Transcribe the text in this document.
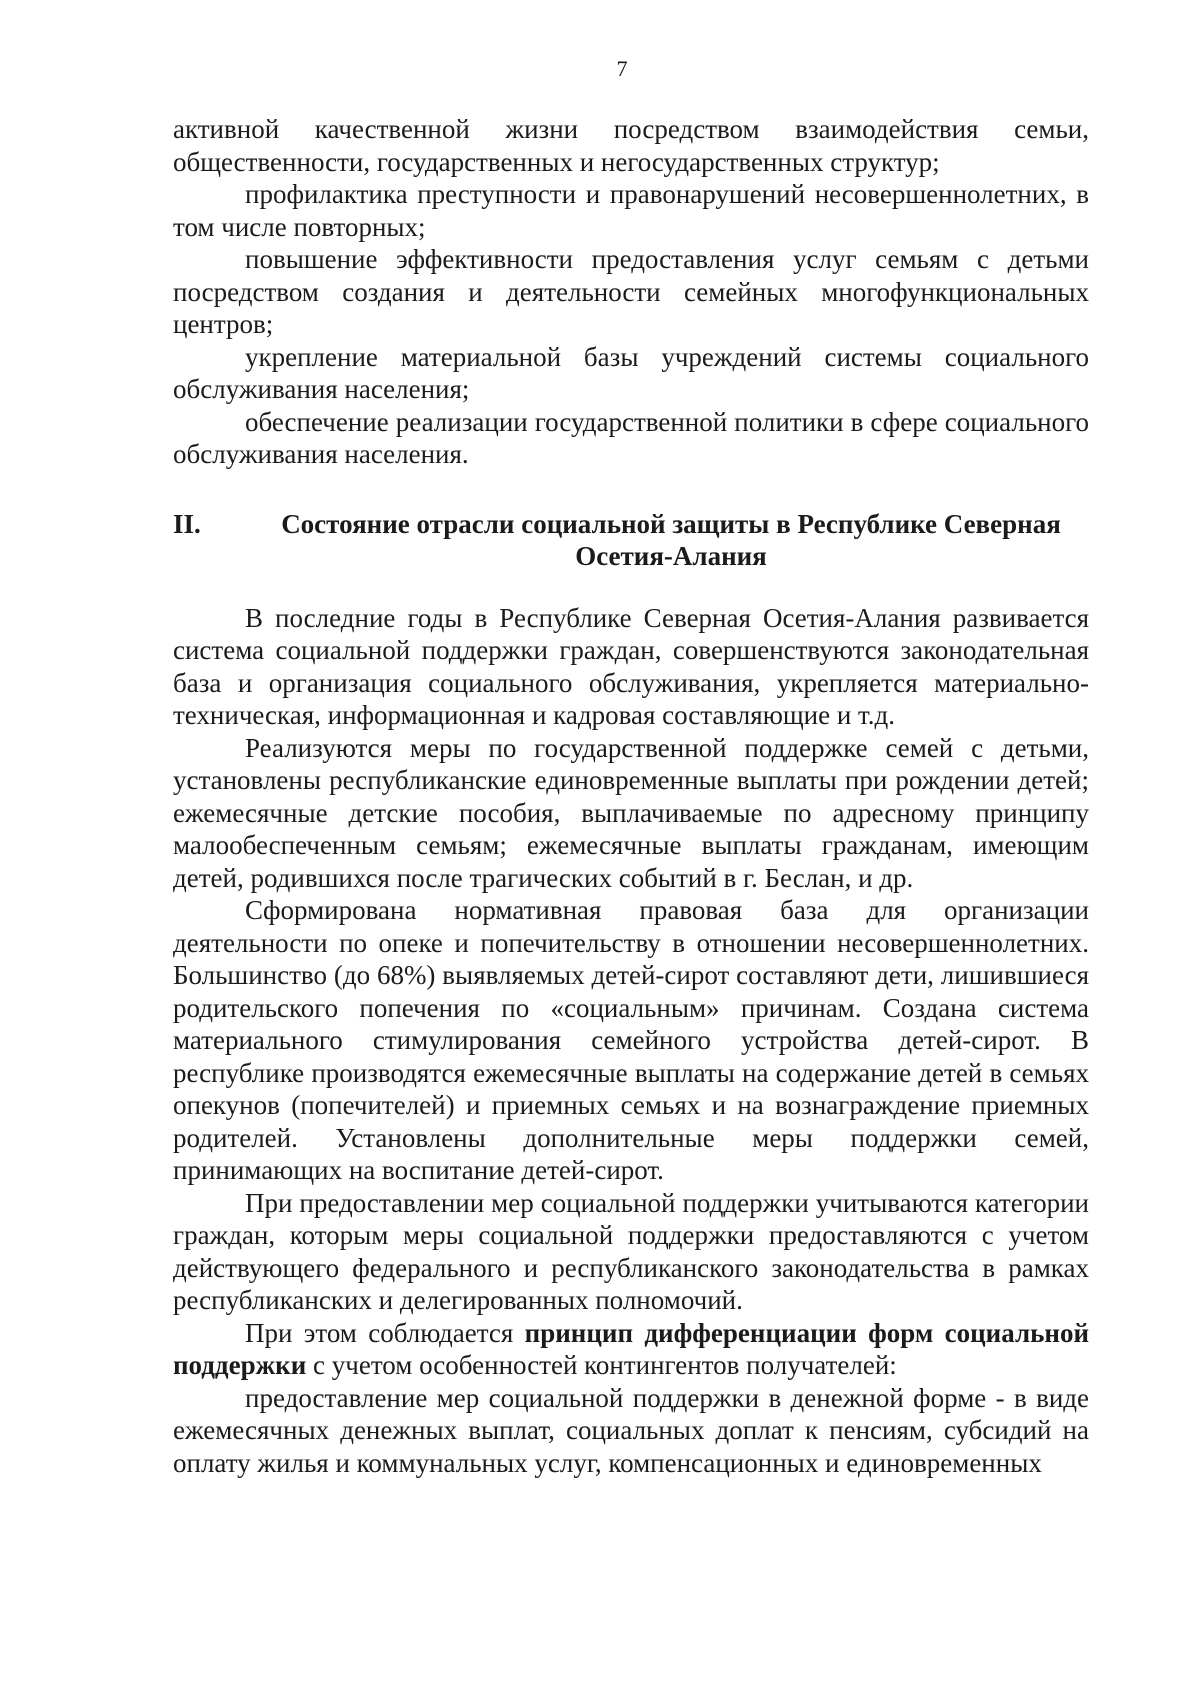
7

активной качественной жизни посредством взаимодействия семьи, общественности, государственных и негосударственных структур;

профилактика преступности и правонарушений несовершеннолетних, в том числе повторных;

повышение эффективности предоставления услуг семьям с детьми посредством создания и деятельности семейных многофункциональных центров;

укрепление материальной базы учреждений системы социального обслуживания населения;

обеспечение реализации государственной политики в сфере социального обслуживания населения.

II.	Состояние отрасли социальной защиты в Республике Северная
Осетия-Алания

В последние годы в Республике Северная Осетия-Алания развивается система социальной поддержки граждан, совершенствуются законодательная база и организация социального обслуживания, укрепляется материально-техническая, информационная и кадровая составляющие и т.д.

Реализуются меры по государственной поддержке семей с детьми, установлены республиканские единовременные выплаты при рождении детей; ежемесячные детские пособия, выплачиваемые по адресному принципу малообеспеченным семьям; ежемесячные выплаты гражданам, имеющим детей, родившихся после трагических событий в г. Беслан, и др.

Сформирована нормативная правовая база для организации деятельности по опеке и попечительству в отношении несовершеннолетних. Большинство (до 68%) выявляемых детей-сирот составляют дети, лишившиеся родительского попечения по «социальным» причинам. Создана система материального стимулирования семейного устройства детей-сирот. В республике производятся ежемесячные выплаты на содержание детей в семьях опекунов (попечителей) и приемных семьях и на вознаграждение приемных родителей. Установлены дополнительные меры поддержки семей, принимающих на воспитание детей-сирот.

При предоставлении мер социальной поддержки учитываются категории граждан, которым меры социальной поддержки предоставляются с учетом действующего федерального и республиканского законодательства в рамках республиканских и делегированных полномочий.

При этом соблюдается принцип дифференциации форм социальной поддержки с учетом особенностей контингентов получателей:

предоставление мер социальной поддержки в денежной форме - в виде ежемесячных денежных выплат, социальных доплат к пенсиям, субсидий на оплату жилья и коммунальных услуг, компенсационных и единовременных
